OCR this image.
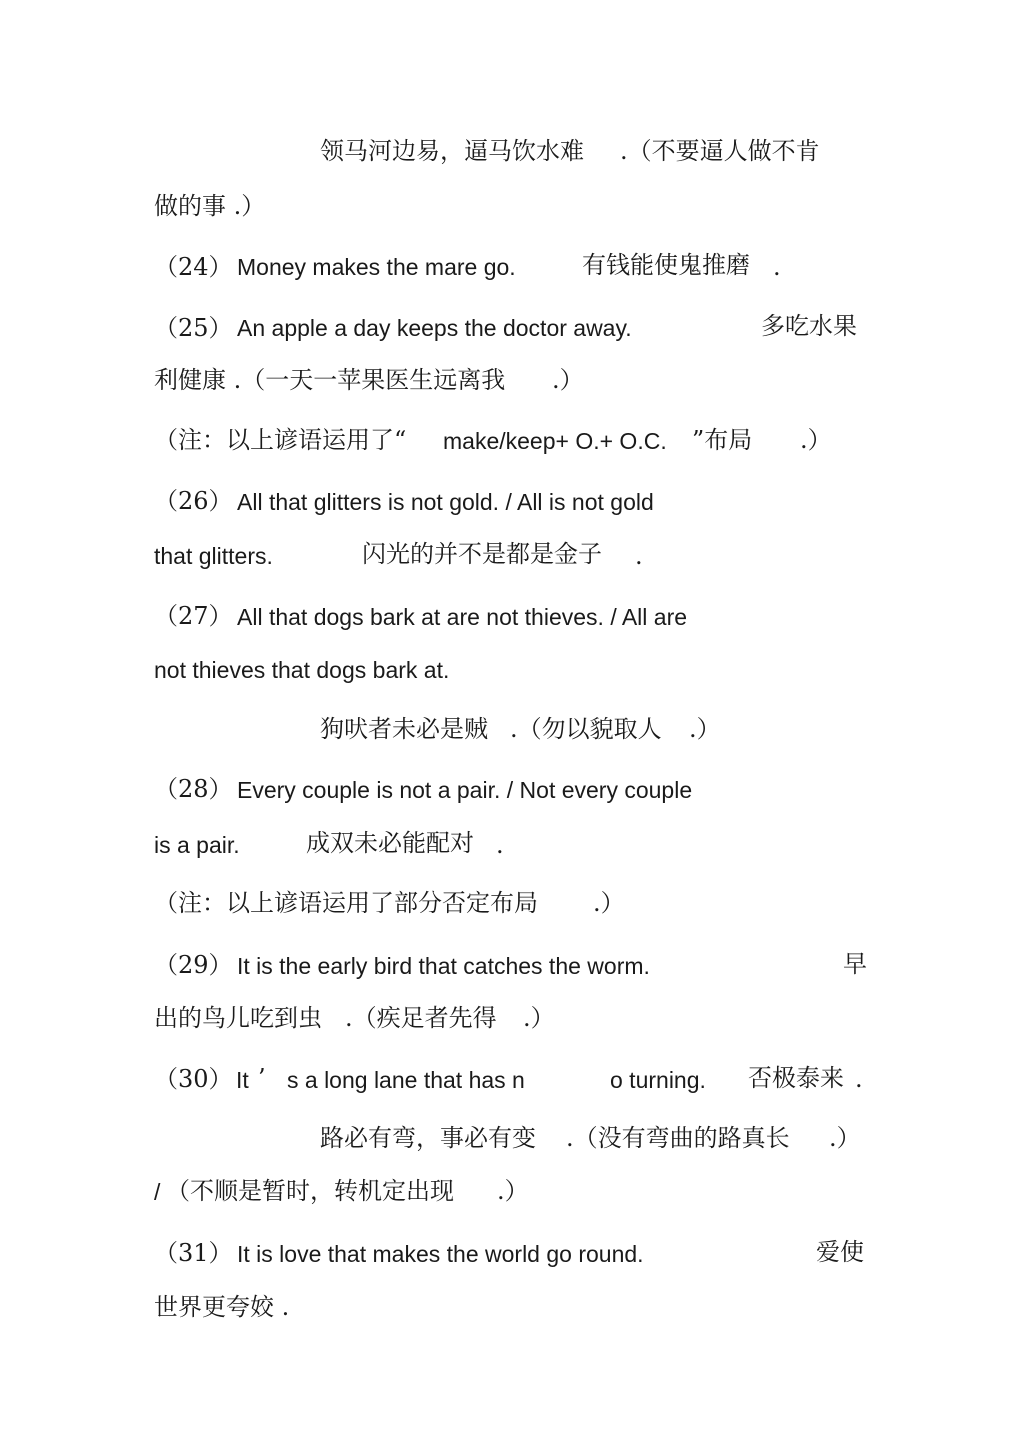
领马河边易，逼马饮水难 .（不要逼人做不肯
做的事 .）
（24） Money makes the mare go.	有钱能使鬼推磨 .
（25） An apple a day keeps the doctor away.	多吃水果
利健康 .（一天一苹果医生远离我 .）
（注：以上谚语运用了“ make/keep+ O.+ O.C. ”布局 .）
（26） All that glitters is not gold. / All is not gold
that glitters.	闪光的并不是都是金子 .
（27） All that dogs bark at are not thieves. / All are
not thieves that dogs bark at.
狗吠者未必是贼 .（勿以貌取人 .）
（28） Every couple is not a pair. / Not every couple
is a pair.	成双未必能配对 .
（注：以上谚语运用了部分否定布局 .）
（29） It is the early bird that catches the worm.	早
出的鸟儿吃到虫 .（疾足者先得 .）
（30） It ’ s a long lane that has n	o turning. 否极泰来 .
路必有弯，事必有变 .（没有弯曲的路真长 .）
/ （不顺是暂时，转机定出现 .）
（31） It is love that makes the world go round.	爱使
世界更夸姣 .
